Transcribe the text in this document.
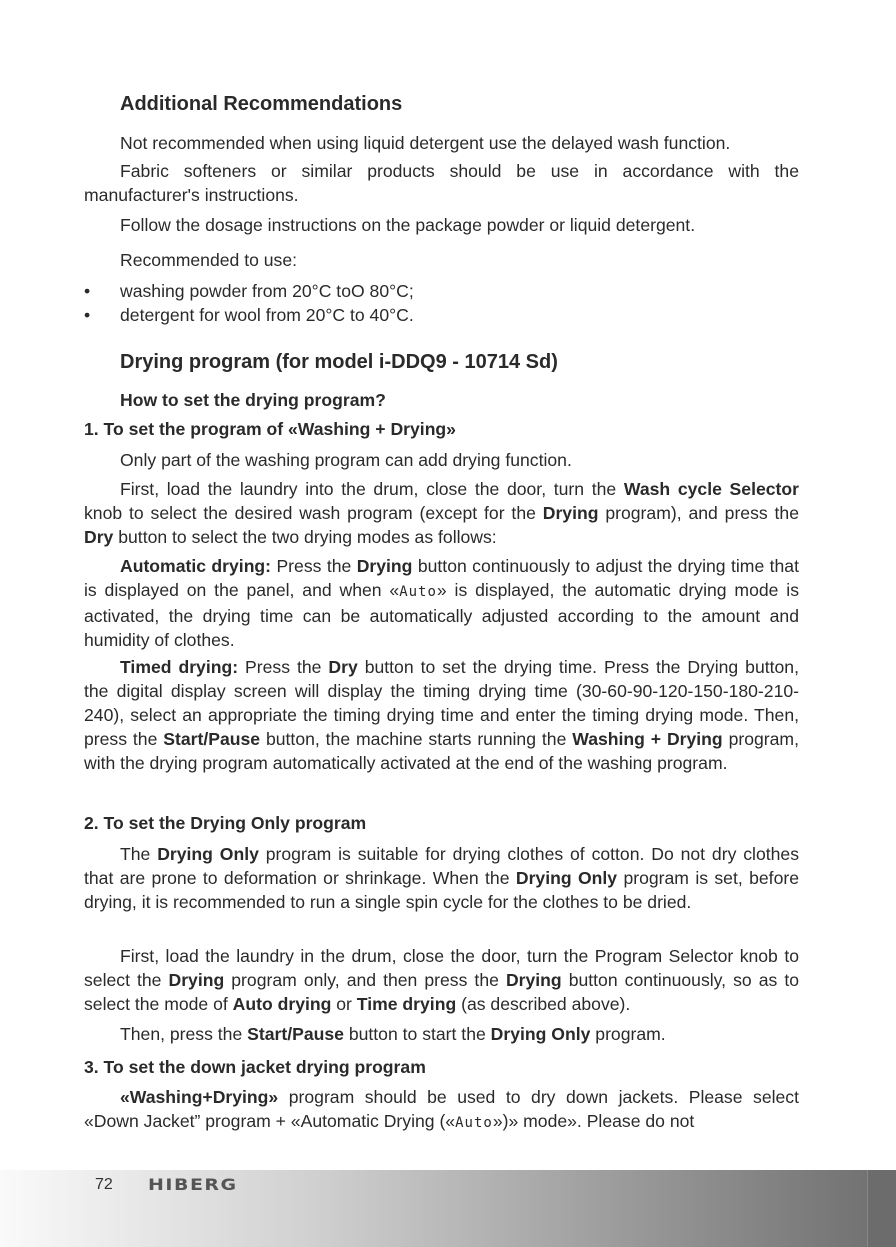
Additional Recommendations
Not recommended when using liquid detergent use the delayed wash function.
Fabric softeners or similar products should be use in accordance with the manufacturer's instructions.
Follow the dosage instructions on the package powder or liquid detergent.
Recommended to use:
• washing powder from 20°C toO 80°C;
• detergent for wool from 20°C to 40°C.
Drying program (for model i-DDQ9 - 10714 Sd)
How to set the drying program?
1. To set the program of «Washing + Drying»
Only part of the washing program can add drying function.
First, load the laundry into the drum, close the door, turn the Wash cycle Selector knob to select the desired wash program (except for the Drying program), and press the Dry button to select the two drying modes as follows:
Automatic drying: Press the Drying button continuously to adjust the drying time that is displayed on the panel, and when «Auto» is displayed, the automatic drying mode is activated, the drying time can be automatically adjusted according to the amount and humidity of clothes.
Timed drying: Press the Dry button to set the drying time. Press the Drying button, the digital display screen will display the timing drying time (30-60-90-120-150-180-210-240), select an appropriate the timing drying time and enter the timing drying mode. Then, press the Start/Pause button, the machine starts running the Washing + Drying program, with the drying program automatically activated at the end of the washing program.
2. To set the Drying Only program
The Drying Only program is suitable for drying clothes of cotton. Do not dry clothes that are prone to deformation or shrinkage. When the Drying Only program is set, before drying, it is recommended to run a single spin cycle for the clothes to be dried.
First, load the laundry in the drum, close the door, turn the Program Selector knob to select the Drying program only, and then press the Drying button continuously, so as to select the mode of Auto drying or Time drying (as described above).
Then, press the Start/Pause button to start the Drying Only program.
3. To set the down jacket drying program
«Washing+Drying» program should be used to dry down jackets. Please select «Down Jacket” program + «Automatic Drying («Auto»)» mode». Please do not
72 HIBERG
